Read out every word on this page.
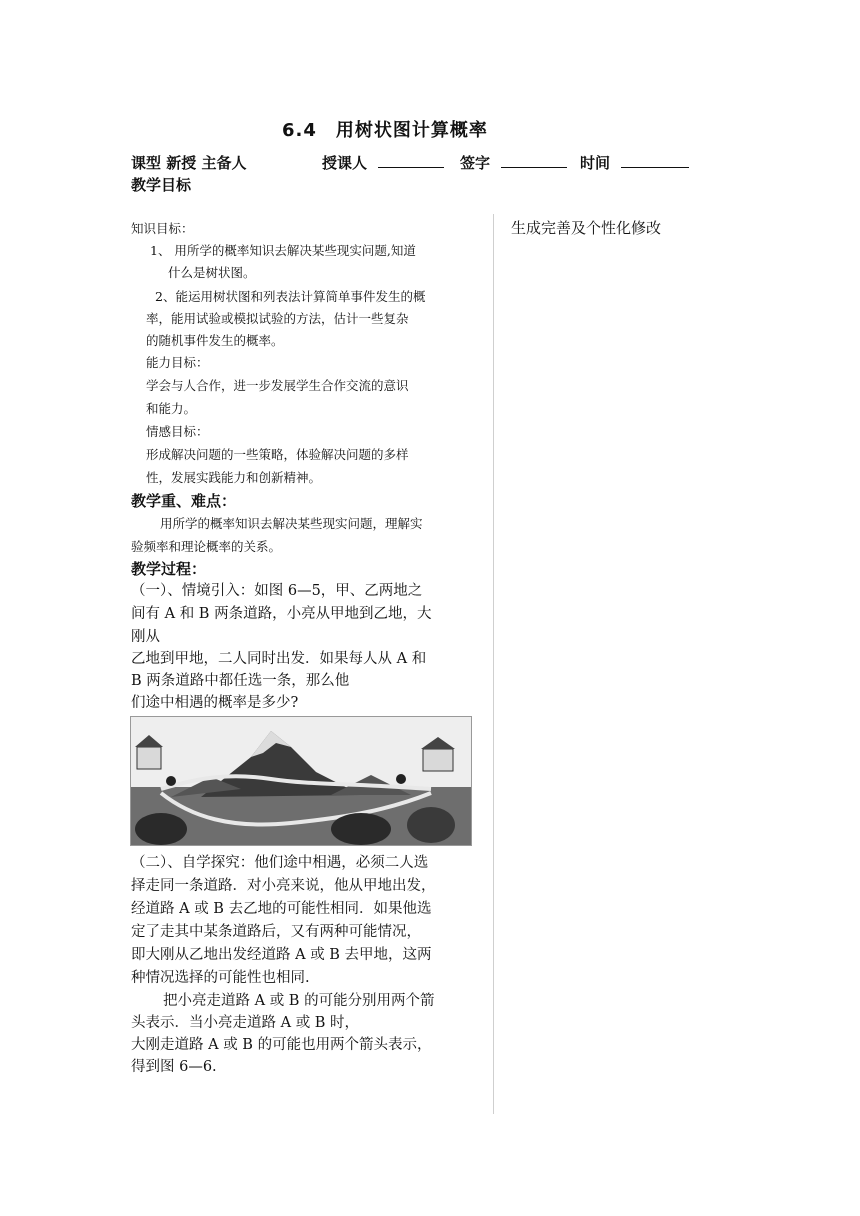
6.4　用树状图计算概率
课型 新授 主备人	授课人	签字	时间
教学目标
生成完善及个性化修改
知识目标：
1、 用所学的概率知识去解决某些现实问题,知道
什么是树状图。
2、能运用树状图和列表法计算简单事件发生的概
率，能用试验或模拟试验的方法，估计一些复杂
的随机事件发生的概率。
能力目标：
学会与人合作，进一步发展学生合作交流的意识
和能力。
情感目标：
形成解决问题的一些策略，体验解决问题的多样
性，发展实践能力和创新精神。
教学重、难点：
用所学的概率知识去解决某些现实问题，理解实
验频率和理论概率的关系。
教学过程：
（一）、情境引入：如图 6—5，甲、乙两地之
间有 A 和 B 两条道路，小亮从甲地到乙地，大
刚从
乙地到甲地，二人同时出发．如果每人从 A 和
B 两条道路中都任选一条，那么他
们途中相遇的概率是多少?
（二）、自学探究：他们途中相遇，必须二人选
择走同一条道路．对小亮来说，他从甲地出发，
经道路 A 或 B 去乙地的可能性相同．如果他选
定了走其中某条道路后，又有两种可能情况，
即大刚从乙地出发经道路 A 或 B 去甲地，这两
种情况选择的可能性也相同.
把小亮走道路 A 或 B 的可能分别用两个箭
头表示．当小亮走道路 A 或 B 时，
大刚走道路 A 或 B 的可能也用两个箭头表示，
得到图 6—6.
